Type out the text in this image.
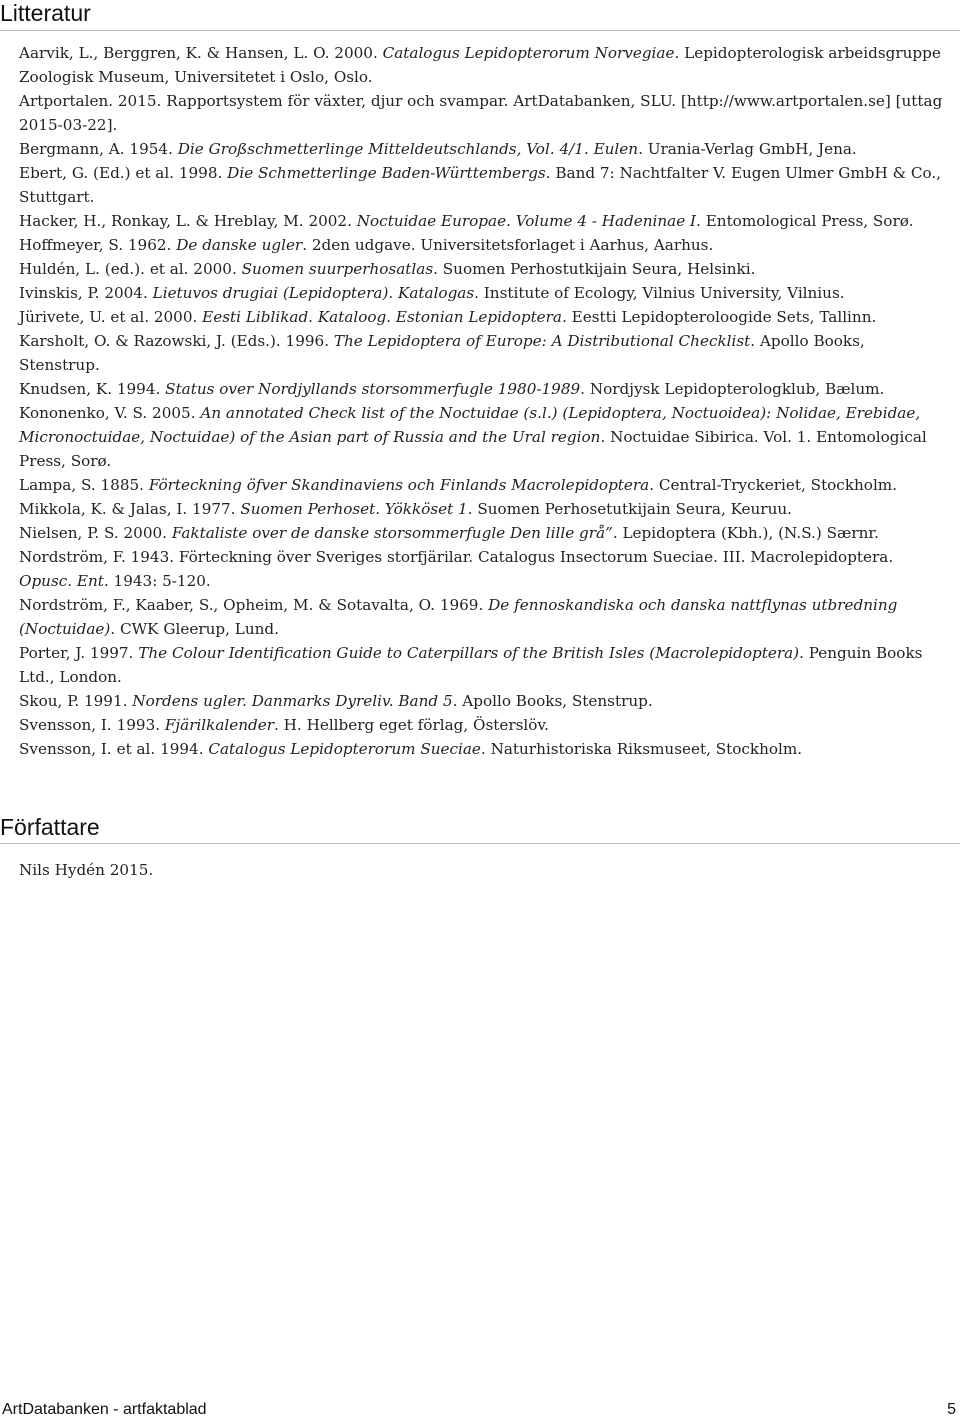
Litteratur
Aarvik, L., Berggren, K. & Hansen, L. O. 2000. Catalogus Lepidopterorum Norvegiae. Lepidopterologisk arbeidsgruppe Zoologisk Museum, Universitetet i Oslo, Oslo.
Artportalen. 2015. Rapportsystem för växter, djur och svampar. ArtDatabanken, SLU. [http://www.artportalen.se] [uttag 2015-03-22].
Bergmann, A. 1954. Die Großschmetterlinge Mitteldeutschlands, Vol. 4/1. Eulen. Urania-Verlag GmbH, Jena.
Ebert, G. (Ed.) et al. 1998. Die Schmetterlinge Baden-Württembergs. Band 7: Nachtfalter V. Eugen Ulmer GmbH & Co., Stuttgart.
Hacker, H., Ronkay, L. & Hreblay, M. 2002. Noctuidae Europae. Volume 4 - Hadeninae I. Entomological Press, Sorø.
Hoffmeyer, S. 1962. De danske ugler. 2den udgave. Universitetsforlaget i Aarhus, Aarhus.
Huldén, L. (ed.). et al. 2000. Suomen suurperhosatlas. Suomen Perhostutkijain Seura, Helsinki.
Ivinskis, P. 2004. Lietuvos drugiai (Lepidoptera). Katalogas. Institute of Ecology, Vilnius University, Vilnius.
Jürivete, U. et al. 2000. Eesti Liblikad. Kataloog. Estonian Lepidoptera. Eestti Lepidopteroloogide Sets, Tallinn.
Karsholt, O. & Razowski, J. (Eds.). 1996. The Lepidoptera of Europe: A Distributional Checklist. Apollo Books, Stenstrup.
Knudsen, K. 1994. Status over Nordjyllands storsommerfugle 1980-1989. Nordjysk Lepidopterologklub, Bælum.
Kononenko, V. S. 2005. An annotated Check list of the Noctuidae (s.l.) (Lepidoptera, Noctuoidea): Nolidae, Erebidae, Micronoctuidae, Noctuidae) of the Asian part of Russia and the Ural region. Noctuidae Sibirica. Vol. 1. Entomological Press, Sorø.
Lampa, S. 1885. Förteckning öfver Skandinaviens och Finlands Macrolepidoptera. Central-Tryckeriet, Stockholm.
Mikkola, K. & Jalas, I. 1977. Suomen Perhoset. Yökköset 1. Suomen Perhosetutkijain Seura, Keuruu.
Nielsen, P. S. 2000. Faktaliste over de danske storsommerfugle Den lille grå”. Lepidoptera (Kbh.), (N.S.) Særnr.
Nordström, F. 1943. Förteckning över Sveriges storfjärilar. Catalogus Insectorum Sueciae. III. Macrolepidoptera. Opusc. Ent. 1943: 5-120.
Nordström, F., Kaaber, S., Opheim, M. & Sotavalta, O. 1969. De fennoskandiska och danska nattflynas utbredning (Noctuidae). CWK Gleerup, Lund.
Porter, J. 1997. The Colour Identification Guide to Caterpillars of the British Isles (Macrolepidoptera). Penguin Books Ltd., London.
Skou, P. 1991. Nordens ugler. Danmarks Dyreliv. Band 5. Apollo Books, Stenstrup.
Svensson, I. 1993. Fjärilkalender. H. Hellberg eget förlag, Österslöv.
Svensson, I. et al. 1994. Catalogus Lepidopterorum Sueciae. Naturhistoriska Riksmuseet, Stockholm.
Författare

Nils Hydén 2015.

ArtDatabanken - artfaktablad	5
